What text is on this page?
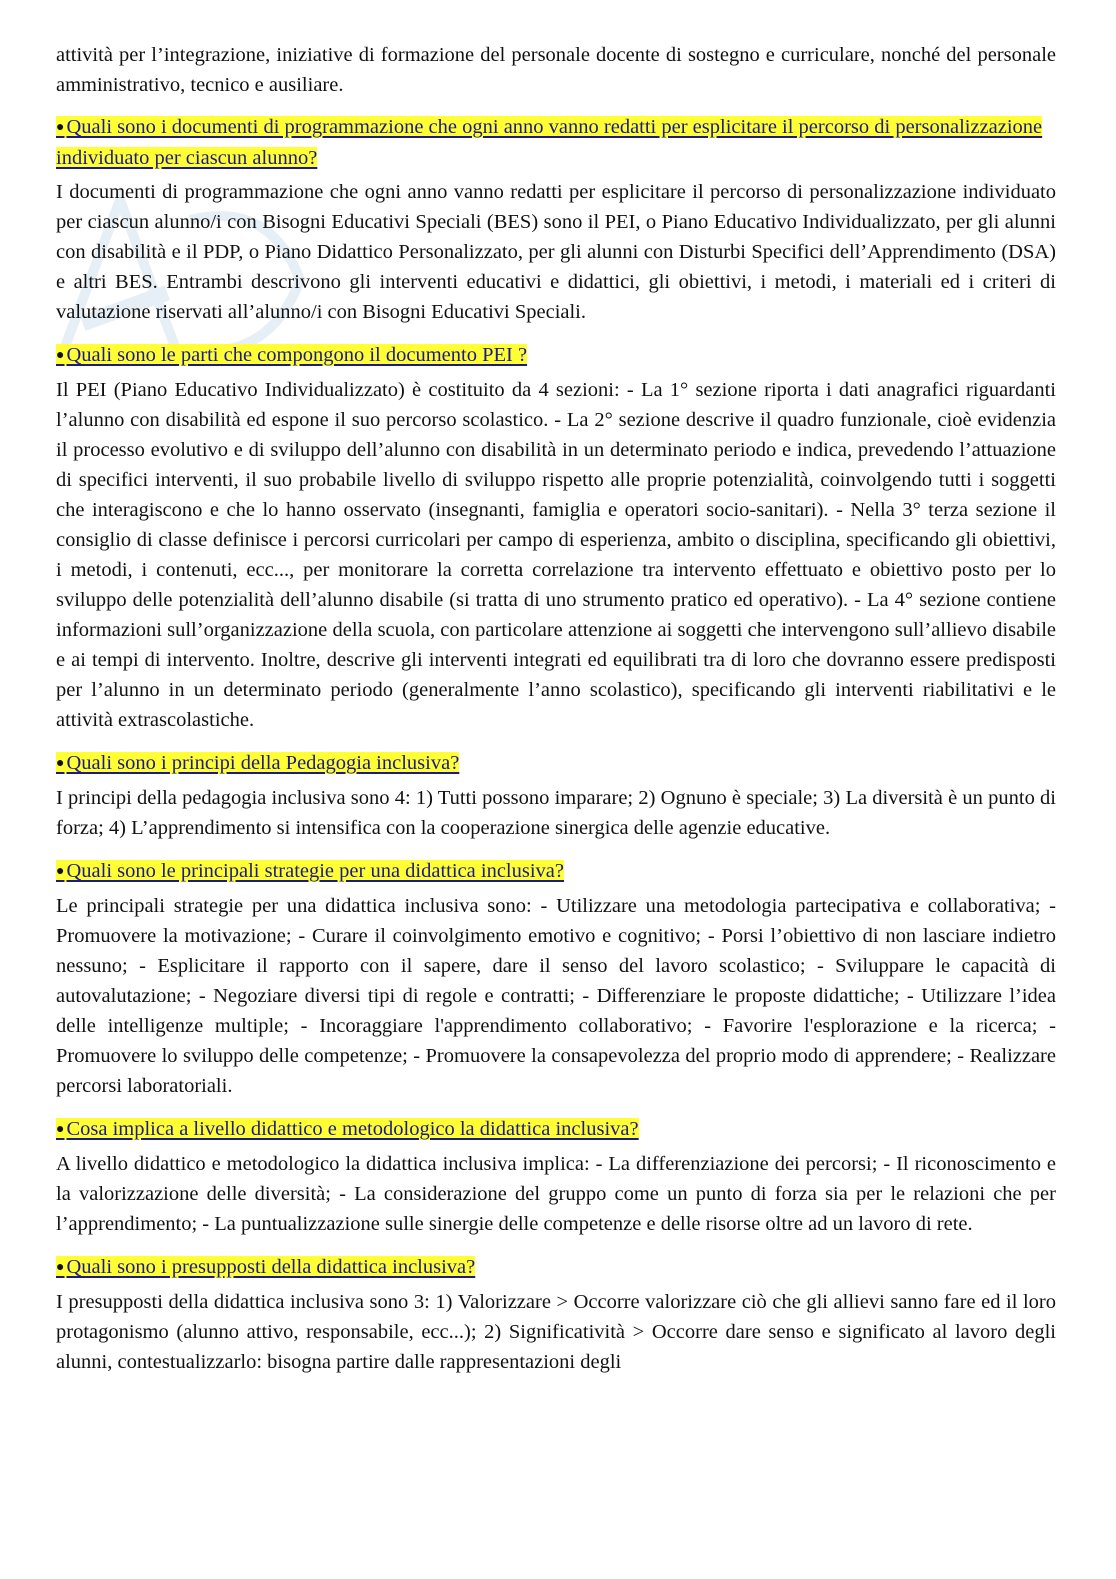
attività per l’integrazione, iniziative di formazione del personale docente di sostegno e curriculare, nonché del personale amministrativo, tecnico e ausiliare.

●Quali sono i documenti di programmazione che ogni anno vanno redatti per esplicitare il percorso di personalizzazione individuato per ciascun alunno?

I documenti di programmazione che ogni anno vanno redatti per esplicitare il percorso di personalizzazione individuato per ciascun alunno/i con Bisogni Educativi Speciali (BES) sono il PEI, o Piano Educativo Individualizzato, per gli alunni con disabilità e il PDP, o Piano Didattico Personalizzato, per gli alunni con Disturbi Specifici dell’Apprendimento (DSA) e altri BES. Entrambi descrivono gli interventi educativi e didattici, gli obiettivi, i metodi, i materiali ed i criteri di valutazione riservati all’alunno/i con Bisogni Educativi Speciali.

●Quali sono le parti che compongono il documento PEI ?

Il PEI (Piano Educativo Individualizzato) è costituito da 4 sezioni: - La 1° sezione riporta i dati anagrafici riguardanti l’alunno con disabilità ed espone il suo percorso scolastico. - La 2° sezione descrive il quadro funzionale, cioè evidenzia il processo evolutivo e di sviluppo dell’alunno con disabilità in un determinato periodo e indica, prevedendo l’attuazione di specifici interventi, il suo probabile livello di sviluppo rispetto alle proprie potenzialità, coinvolgendo tutti i soggetti che interagiscono e che lo hanno osservato (insegnanti, famiglia e operatori socio-sanitari). - Nella 3° terza sezione il consiglio di classe definisce i percorsi curricolari per campo di esperienza, ambito o disciplina, specificando gli obiettivi, i metodi, i contenuti, ecc..., per monitorare la corretta correlazione tra intervento effettuato e obiettivo posto per lo sviluppo delle potenzialità dell’alunno disabile (si tratta di uno strumento pratico ed operativo). - La 4° sezione contiene informazioni sull’organizzazione della scuola, con particolare attenzione ai soggetti che intervengono sull’allievo disabile e ai tempi di intervento. Inoltre, descrive gli interventi integrati ed equilibrati tra di loro che dovranno essere predisposti per l’alunno in un determinato periodo (generalmente l’anno scolastico), specificando gli interventi riabilitativi e le attività extrascolastiche.

●Quali sono i principi della Pedagogia inclusiva?

I principi della pedagogia inclusiva sono 4: 1) Tutti possono imparare; 2) Ognuno è speciale; 3) La diversità è un punto di forza; 4) L’apprendimento si intensifica con la cooperazione sinergica delle agenzie educative.

●Quali sono le principali strategie per una didattica inclusiva?

Le principali strategie per una didattica inclusiva sono: - Utilizzare una metodologia partecipativa e collaborativa; - Promuovere la motivazione; - Curare il coinvolgimento emotivo e cognitivo; - Porsi l’obiettivo di non lasciare indietro nessuno; - Esplicitare il rapporto con il sapere, dare il senso del lavoro scolastico; - Sviluppare le capacità di autovalutazione; - Negoziare diversi tipi di regole e contratti; - Differenziare le proposte didattiche; - Utilizzare l’idea delle intelligenze multiple; - Incoraggiare l'apprendimento collaborativo; - Favorire l'esplorazione e la ricerca; - Promuovere lo sviluppo delle competenze; - Promuovere la consapevolezza del proprio modo di apprendere; - Realizzare percorsi laboratoriali.

●Cosa implica a livello didattico e metodologico la didattica inclusiva?

A livello didattico e metodologico la didattica inclusiva implica: - La differenziazione dei percorsi; - Il riconoscimento e la valorizzazione delle diversità; - La considerazione del gruppo come un punto di forza sia per le relazioni che per l’apprendimento; - La puntualizzazione sulle sinergie delle competenze e delle risorse oltre ad un lavoro di rete.

●Quali sono i presupposti della didattica inclusiva?

I presupposti della didattica inclusiva sono 3: 1) Valorizzare > Occorre valorizzare ciò che gli allievi sanno fare ed il loro protagonismo (alunno attivo, responsabile, ecc...); 2) Significatività > Occorre dare senso e significato al lavoro degli alunni, contestualizzarlo: bisogna partire dalle rappresentazioni degli
